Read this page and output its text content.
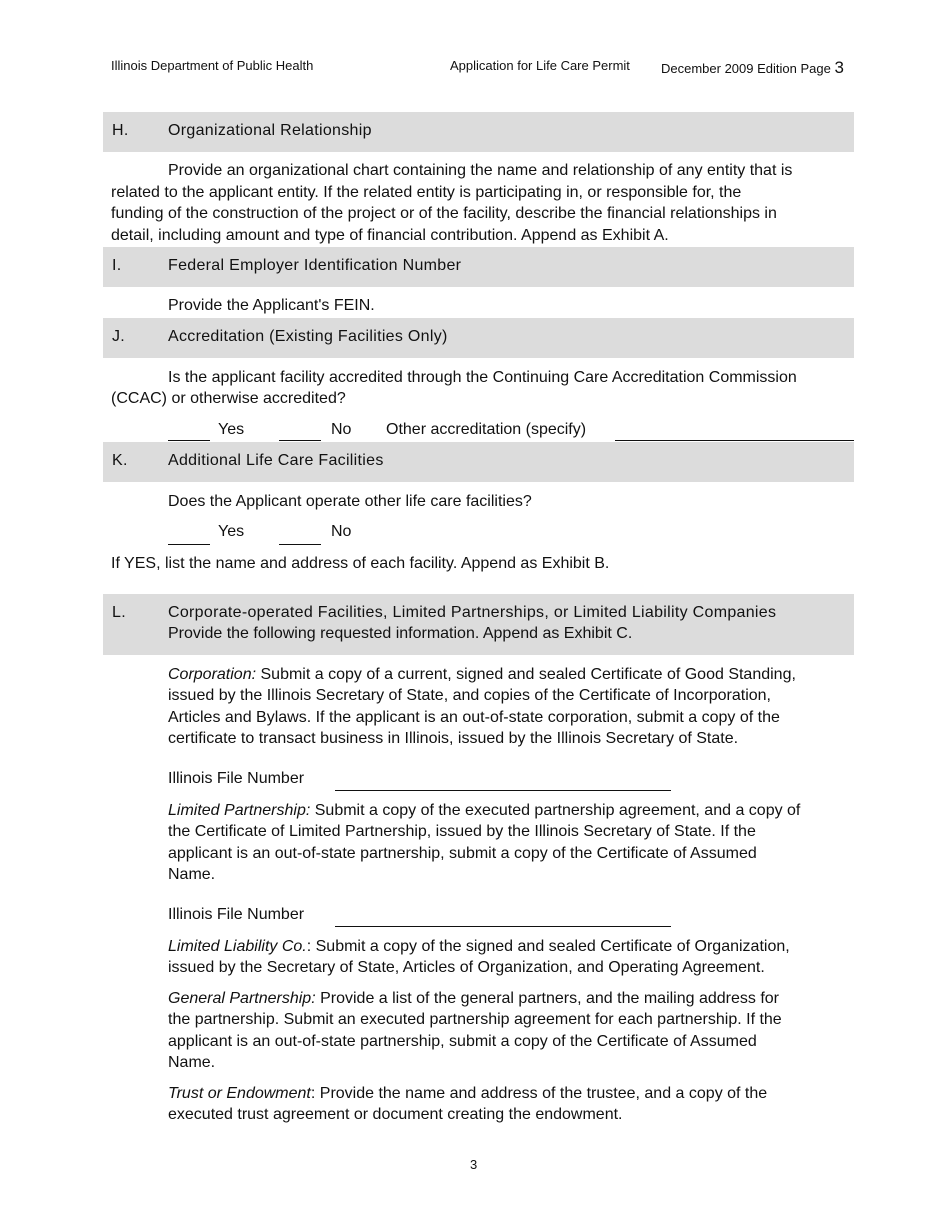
Illinois Department of Public Health	Application for Life Care Permit December 2009 Edition Page 3
H. Organizational Relationship
Provide an organizational chart containing the name and relationship of any entity that is
related to the applicant entity. If the related entity is participating in, or responsible for, the
funding of the construction of the project or of the facility, describe the financial relationships in
detail, including amount and type of financial contribution. Append as Exhibit A.
I.	Federal Employer Identification Number
Provide the Applicant's FEIN.
J.	Accreditation (Existing Facilities Only)
Is the applicant facility accredited through the Continuing Care Accreditation Commission
(CCAC) or otherwise accredited?
Yes	No Other accreditation (specify)
K.	Additional Life Care Facilities
Does the Applicant operate other life care facilities?
Yes	No
If YES, list the name and address of each facility. Append as Exhibit B.
L.	Corporate-operated Facilities, Limited Partnerships, or Limited Liability Companies
Provide the following requested information. Append as Exhibit C.
Corporation: Submit a copy of a current, signed and sealed Certificate of Good Standing,
issued by the Illinois Secretary of State, and copies of the Certificate of Incorporation,
Articles and Bylaws. If the applicant is an out-of-state corporation, submit a copy of the
certificate to transact business in Illinois, issued by the Illinois Secretary of State.
Illinois File Number
Limited Partnership: Submit a copy of the executed partnership agreement, and a copy of
the Certificate of Limited Partnership, issued by the Illinois Secretary of State. If the
applicant is an out-of-state partnership, submit a copy of the Certificate of Assumed
Name.
Illinois File Number
Limited Liability Co.: Submit a copy of the signed and sealed Certificate of Organization,
issued by the Secretary of State, Articles of Organization, and Operating Agreement.
General Partnership: Provide a list of the general partners, and the mailing address for
the partnership. Submit an executed partnership agreement for each partnership. If the
applicant is an out-of-state partnership, submit a copy of the Certificate of Assumed
Name.
Trust or Endowment: Provide the name and address of the trustee, and a copy of the
executed trust agreement or document creating the endowment.
3
